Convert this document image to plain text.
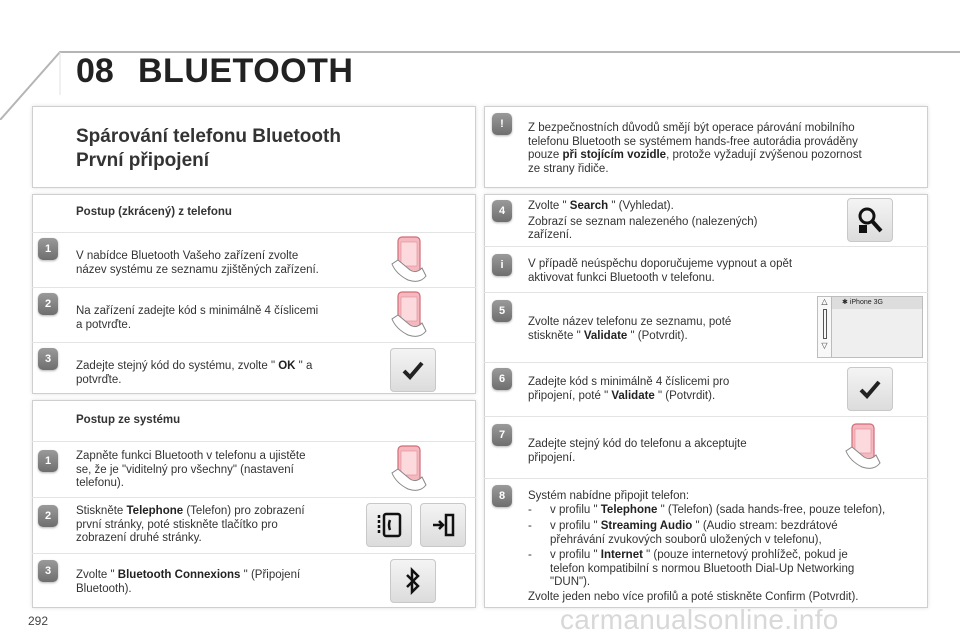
08 BLUETOOTH
Spárování telefonu Bluetooth
První připojení
Postup (zkrácený) z telefonu
1
V nabídce Bluetooth Vašeho zařízení zvolte
název systému ze seznamu zjištěných zařízení.
2
Na zařízení zadejte kód s minimálně 4 číslicemi
a potvrďte.
3
Zadejte stejný kód do systému, zvolte " OK " a
potvrďte.
Postup ze systému
1	Zapněte funkci Bluetooth v telefonu a ujistěte
se, že je "viditelný pro všechny" (nastavení
telefonu).
2	Stiskněte Telephone (Telefon) pro zobrazení
první stránky, poté stiskněte tlačítko pro
zobrazení druhé stránky.
3	Zvolte " Bluetooth Connexions " (Připojení
Bluetooth).
!	Z bezpečnostních důvodů smějí být operace párování mobilního
telefonu Bluetooth se systémem hands-free autorádia prováděny
pouze při stojícím vozidle, protože vyžadují zvýšenou pozornost
ze strany řidiče.
4	Zvolte " Search " (Vyhledat).
Zobrazí se seznam nalezeného (nalezených)
zařízení.
i	V případě neúspěchu doporučujeme vypnout a opět
aktivovat funkci Bluetooth v telefonu.
5
Zvolte název telefonu ze seznamu, poté
stiskněte " Validate " (Potvrdit).
✱ iPhone 3G
△
▽
6	Zadejte kód s minimálně 4 číslicemi pro
připojení, poté " Validate " (Potvrdit).
7
Zadejte stejný kód do telefonu a akceptujte
připojení.
8	Systém nabídne připojit telefon:
- v profilu " Telephone " (Telefon) (sada hands-free, pouze telefon),
- v profilu " Streaming Audio " (Audio stream: bezdrátové
přehrávání zvukových souborů uložených v telefonu),
- v profilu " Internet " (pouze internetový prohlížeč, pokud je
telefon kompatibilní s normou Bluetooth Dial-Up Networking
"DUN").
Zvolte jeden nebo více profilů a poté stiskněte Confirm (Potvrdit).
292	carmanualsonline.info
